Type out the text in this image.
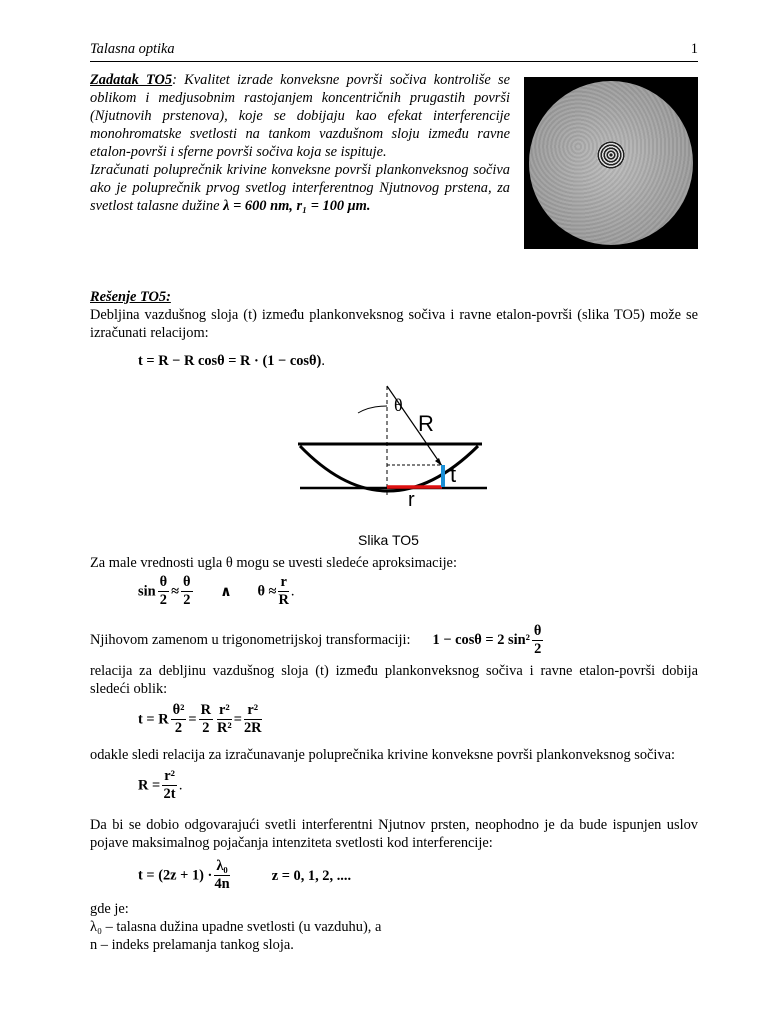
Talasna optika	1
Zadatak TO5: Kvalitet izrade konveksne površi sočiva kontroliše se oblikom i medjusobnim rastojanjem koncentričnih prugastih površi (Njutnovih prstenova), koje se dobijaju kao efekat interferencije monohromatske svetlosti na tankom vazdušnom sloju između ravne etalon-površi i sferne površi sočiva koja se ispituje.
Izračunati poluprečnik krivine konveksne površi plankonveksnog sočiva ako je poluprečnik prvog svetlog interferentnog Njutnovog prstena, za svetlost talasne dužine λ = 600 nm, r₁ = 100 μm.
Rešenje TO5:

Debljina vazdušnog sloja (t) između plankonveksnog sočiva i ravne etalon-površi (slika TO5) može se izračunati relacijom:

t = R − R cosθ = R · (1 − cosθ).
θ
R
t
r
Slika TO5

Za male vrednosti ugla θ mogu se uvesti sledeće aproksimacije:

$\sin \frac{\theta}{2} \approx \frac{\theta}{2}$ ∧ $\theta \approx \frac{r}{R}$ .
Njihovom zamenom u trigonometrijskoj transformaciji: 1 − cosθ = 2 $\sin^2 \frac{\theta}{2}$

relacija za debljinu vazdušnog sloja (t) između plankonveksnog sočiva i ravne etalon-površi dobija sledeći oblik:

t = R $\frac{\text{θ²}}{2} = \frac{R}{2} \frac{\text{r²}}{\text{R²}} = \frac{\text{r²}}{2R}$

odakle sledi relacija za izračunavanje poluprečnika krivine konveksne površi plankonveksnog sočiva:

$R = \frac{\text{r²}}{2t}$ .

Da bi se dobio odgovarajući svetli interferentni Njutnov prsten, neophodno je da bude ispunjen uslov pojave maksimalnog pojačanja intenziteta svetlosti kod interferencije:

$t = (2z + 1) \cdot \frac{\text{λ₀}}{4n}$	z = 0, 1, 2, ....
gde je:
λ₀ – talasna dužina upadne svetlosti (u vazduhu), a
n – indeks prelamanja tankog sloja.
